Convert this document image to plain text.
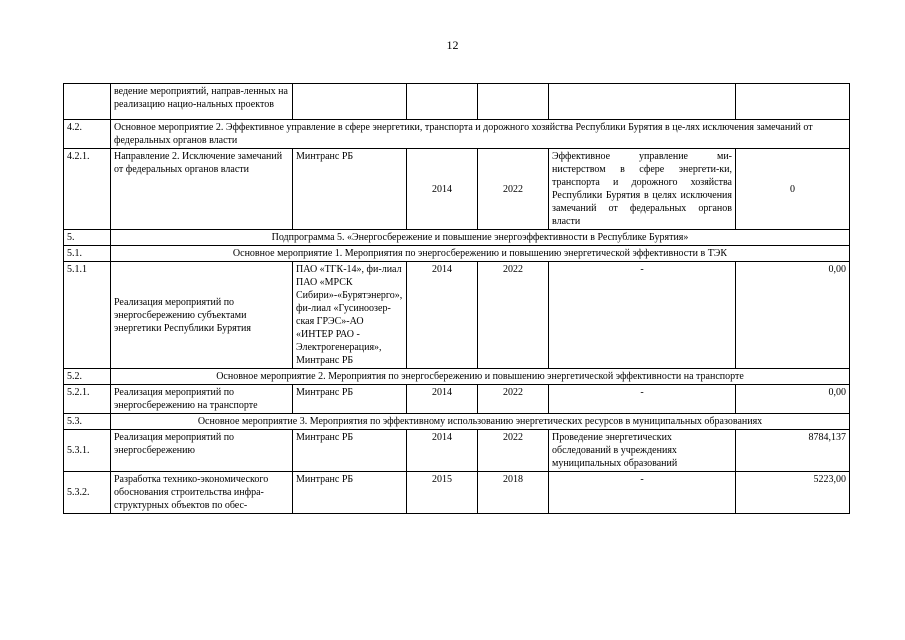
12
	ведение мероприятий, направ-ленных на реализацию нацио-нальных проектов					
4.2.	Основное мероприятие 2. Эффективное управление в сфере энергетики, транспорта и дорожного хозяйства Республики Бурятия в це-лях исключения замечаний от федеральных органов власти					
4.2.1.	Направление 2. Исключение замечаний от федеральных органов власти	Минтранс РБ	2014	2022	Эффективное управление ми-нистерством в сфере энергети-ки, транспорта и дорожного хозяйства Республики Бурятия в целях исключения замечаний от федеральных органов власти	0
5.	Подпрограмма 5. «Энергосбережение и повышение энергоэффективности в Республике Бурятия»					
5.1.	Основное мероприятие 1. Мероприятия по энергосбережению и повышению энергетической эффективности в ТЭК					
5.1.1	Реализация мероприятий по энергосбережению субъектами энергетики Республики Бурятия	ПАО «ТГК-14», фи-лиал ПАО «МРСК Сибири»-«Бурятэнерго», фи-лиал «Гусиноозер-ская ГРЭС»-АО «ИНТЕР РАО - Электрогенерация», Минтранс РБ	2014	2022	-	0,00
5.2.	Основное мероприятие 2. Мероприятия по энергосбережению и повышению энергетической эффективности на транспорте					
5.2.1.	Реализация мероприятий по энергосбережению на транспорте	Минтранс РБ	2014	2022	-	0,00
5.3.	Основное мероприятие 3. Мероприятия по эффективному использованию энергетических ресурсов в муниципальных образованиях					
5.3.1.	Реализация мероприятий по энергосбережению	Минтранс РБ	2014	2022	Проведение энергетических обследований в учреждениях муниципальных образований	8784,137
5.3.2.	Разработка технико-экономического обоснования строительства инфра-структурных объектов по обес-	Минтранс РБ	2015	2018	-	5223,00
